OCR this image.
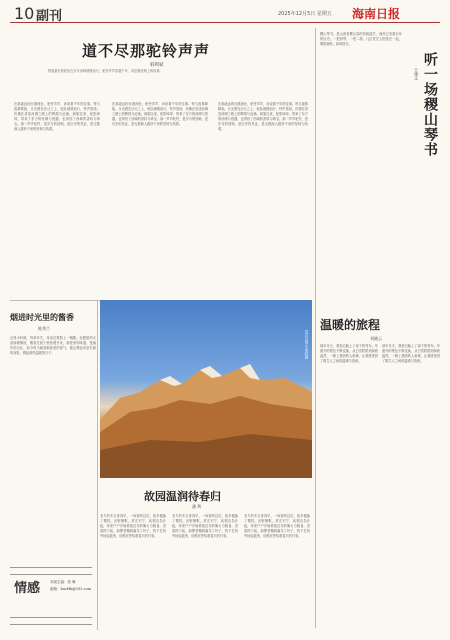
10 副刊	2025年12月5日 星期五 海南日报
道不尽那驼铃声声
韩利斌
敦煌最后的驼队在月牙泉畔缓缓前行，驼铃声声穿越千年，讲述着丝路上的故事。
在那遥远的沙漠深处，驼铃声声，诉说着千年的往事。每当夜幕降临，月光洒在沙丘之上，驼队缓缓前行，铃声悠扬，仿佛在讲述丝绸之路上的辉煌与沧桑。商旅往来，驼影绰绰，带来了东方的丝绸与瓷器，也带回了西域的香料与珍宝。那一声声驼铃，是岁月的回响，是历史的见证，是无数商人跋涉千里的坚韧与执着。
在那遥远的沙漠深处，驼铃声声，诉说着千年的往事。每当夜幕降临，月光洒在沙丘之上，驼队缓缓前行，铃声悠扬，仿佛在讲述丝绸之路上的辉煌与沧桑。商旅往来，驼影绰绰，带来了东方的丝绸与瓷器，也带回了西域的香料与珍宝。那一声声驼铃，是岁月的回响，是历史的见证，是无数商人跋涉千里的坚韧与执着。
在那遥远的沙漠深处，驼铃声声，诉说着千年的往事。每当夜幕降临，月光洒在沙丘之上，驼队缓缓前行，铃声悠扬，仿佛在讲述丝绸之路上的辉煌与沧桑。商旅往来，驼影绰绰，带来了东方的丝绸与瓷器，也带回了西域的香料与珍宝。那一声声驼铃，是岁月的回响，是历史的见证，是无数商人跋涉千里的坚韧与执着。
烟进时光里的酱香
陈秀兰
记得小时候，每到年关，母亲总要熬上一锅酱。灶膛里的火苗舔着锅底，酱香在屋子里弥漫开来，那是家的味道，是童年的记忆。如今每当闻到那熟悉的香气，便会想起母亲忙碌的身影，想起那些温暖的日子。
情感	本版主编：张 琳
邮箱：hnrbfk@163.com
雪后吕梁山 资料图
故园温润待春归
潘 利
北方的冬天来得早，一场寒风过后，故乡便换了模样。田野静默，村庄安宁，炊烟袅袅升起，家家户户开始准备过冬的柴火与粮食。老屋的门前，那棵老槐树落尽了叶子，枝干在风中轻轻摇曳，仿佛在等待着春天的归来。
北方的冬天来得早，一场寒风过后，故乡便换了模样。田野静默，村庄安宁，炊烟袅袅升起，家家户户开始准备过冬的柴火与粮食。老屋的门前，那棵老槐树落尽了叶子，枝干在风中轻轻摇曳，仿佛在等待着春天的归来。
北方的冬天来得早，一场寒风过后，故乡便换了模样。田野静默，村庄安宁，炊烟袅袅升起，家家户户开始准备过冬的柴火与粮食。老屋的门前，那棵老槐树落尽了叶子，枝干在风中轻轻摇曳，仿佛在等待着春天的归来。
稷山琴书，是山西省稷山县的传统曲艺，流传已有数百年的历史。一把扬琴，一把二胡，几位老艺人围坐在一起，唱腔婉转，韵味悠长。
听一场稷山琴书
王建文
温暖的旅程
刘晓云
那年冬天，我独自踏上了南下的列车。车窗外的景色不断变换，从白雪皑皑到绿意盎然，一路上遇到的人和事，让我感受到了陌生人之间的温暖与善意。
那年冬天，我独自踏上了南下的列车。车窗外的景色不断变换，从白雪皑皑到绿意盎然，一路上遇到的人和事，让我感受到了陌生人之间的温暖与善意。
